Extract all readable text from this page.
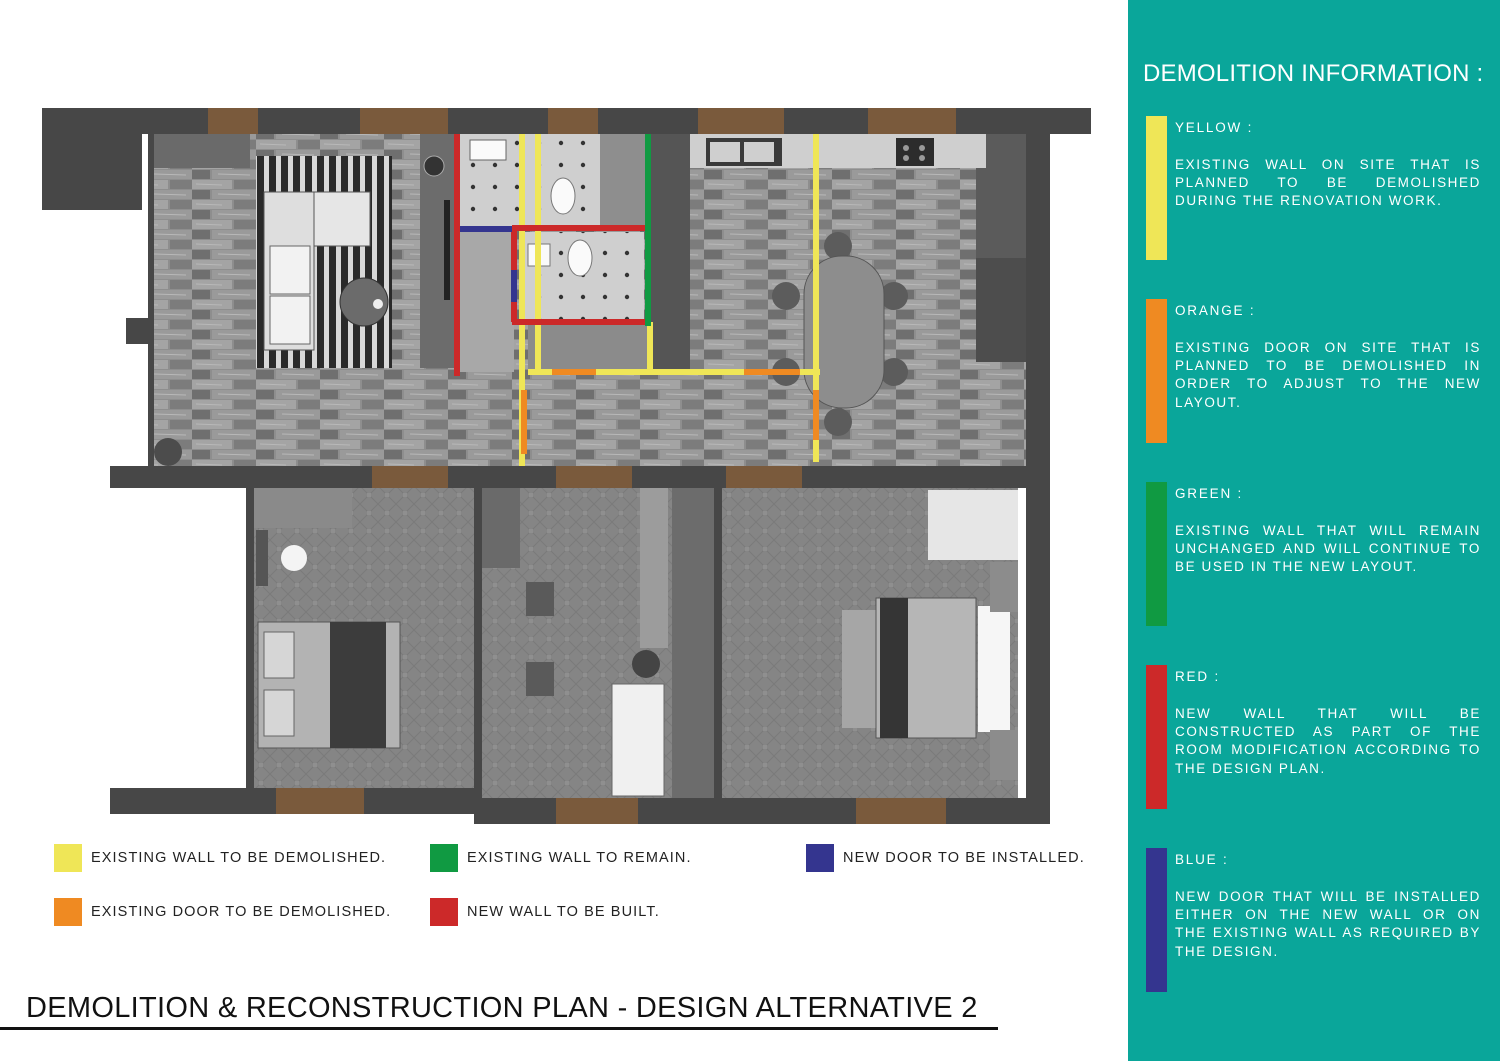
EXISTING WALL TO BE DEMOLISHED.	EXISTING WALL TO REMAIN.	NEW DOOR TO BE INSTALLED.
EXISTING DOOR TO BE DEMOLISHED.	NEW WALL TO BE BUILT.
DEMOLITION & RECONSTRUCTION PLAN - DESIGN ALTERNATIVE 2
DEMOLITION INFORMATION :
YELLOW :

EXISTING WALL ON SITE THAT IS PLANNED TO BE DEMOLISHED DURING THE RENOVATION WORK.

ORANGE :

EXISTING DOOR ON SITE THAT IS PLANNED TO BE DEMOLISHED IN ORDER TO ADJUST TO THE NEW LAYOUT.

GREEN :

EXISTING WALL THAT WILL REMAIN UNCHANGED AND WILL CONTINUE TO BE USED IN THE NEW LAYOUT.

RED :

NEW WALL THAT WILL BE CONSTRUCTED AS PART OF THE ROOM MODIFICATION ACCORDING TO THE DESIGN PLAN.

BLUE :

NEW DOOR THAT WILL BE INSTALLED EITHER ON THE NEW WALL OR ON THE EXISTING WALL AS REQUIRED BY THE DESIGN.
